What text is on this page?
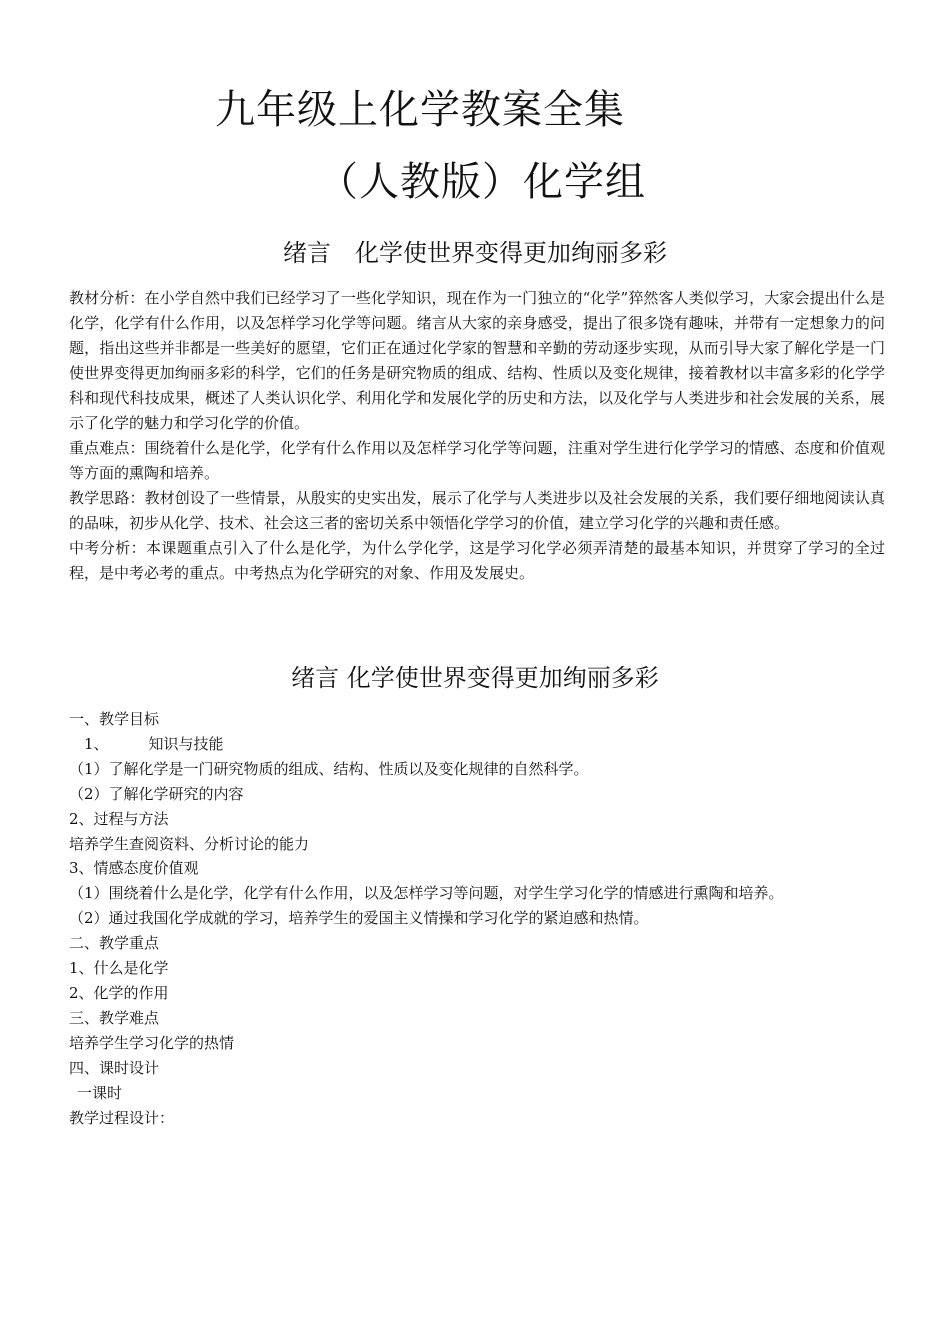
九年级上化学教案全集
（人教版）化学组
绪言　化学使世界变得更加绚丽多彩
教材分析：在小学自然中我们已经学习了一些化学知识，现在作为一门独立的“化学”猝然客人类似学习，大家会提出什么是化学，化学有什么作用，以及怎样学习化学等问题。绪言从大家的亲身感受，提出了很多饶有趣味，并带有一定想象力的问题，指出这些并非都是一些美好的愿望，它们正在通过化学家的智慧和辛勤的劳动逐步实现，从而引导大家了解化学是一门使世界变得更加绚丽多彩的科学，它们的任务是研究物质的组成、结构、性质以及变化规律，接着教材以丰富多彩的化学学科和现代科技成果，概述了人类认识化学、利用化学和发展化学的历史和方法，以及化学与人类进步和社会发展的关系，展示了化学的魅力和学习化学的价值。
重点难点：围绕着什么是化学，化学有什么作用以及怎样学习化学等问题，注重对学生进行化学学习的情感、态度和价值观等方面的熏陶和培养。
教学思路：教材创设了一些情景，从殷实的史实出发，展示了化学与人类进步以及社会发展的关系，我们要仔细地阅读认真的品味，初步从化学、技术、社会这三者的密切关系中领悟化学学习的价值，建立学习化学的兴趣和责任感。
中考分析：本课题重点引入了什么是化学，为什么学化学，这是学习化学必须弄清楚的最基本知识，并贯穿了学习的全过程，是中考必考的重点。中考热点为化学研究的对象、作用及发展史。
绪言 化学使世界变得更加绚丽多彩
一、教学目标
1、	知识与技能
（1）了解化学是一门研究物质的组成、结构、性质以及变化规律的自然科学。
（2）了解化学研究的内容
2、过程与方法
培养学生查阅资料、分析讨论的能力
3、情感态度价值观
（1）围绕着什么是化学，化学有什么作用，以及怎样学习等问题，对学生学习化学的情感进行熏陶和培养。
（2）通过我国化学成就的学习，培养学生的爱国主义情操和学习化学的紧迫感和热情。
二、教学重点
1、什么是化学
2、化学的作用
三、教学难点
培养学生学习化学的热情
四、课时设计
一课时
教学过程设计：
